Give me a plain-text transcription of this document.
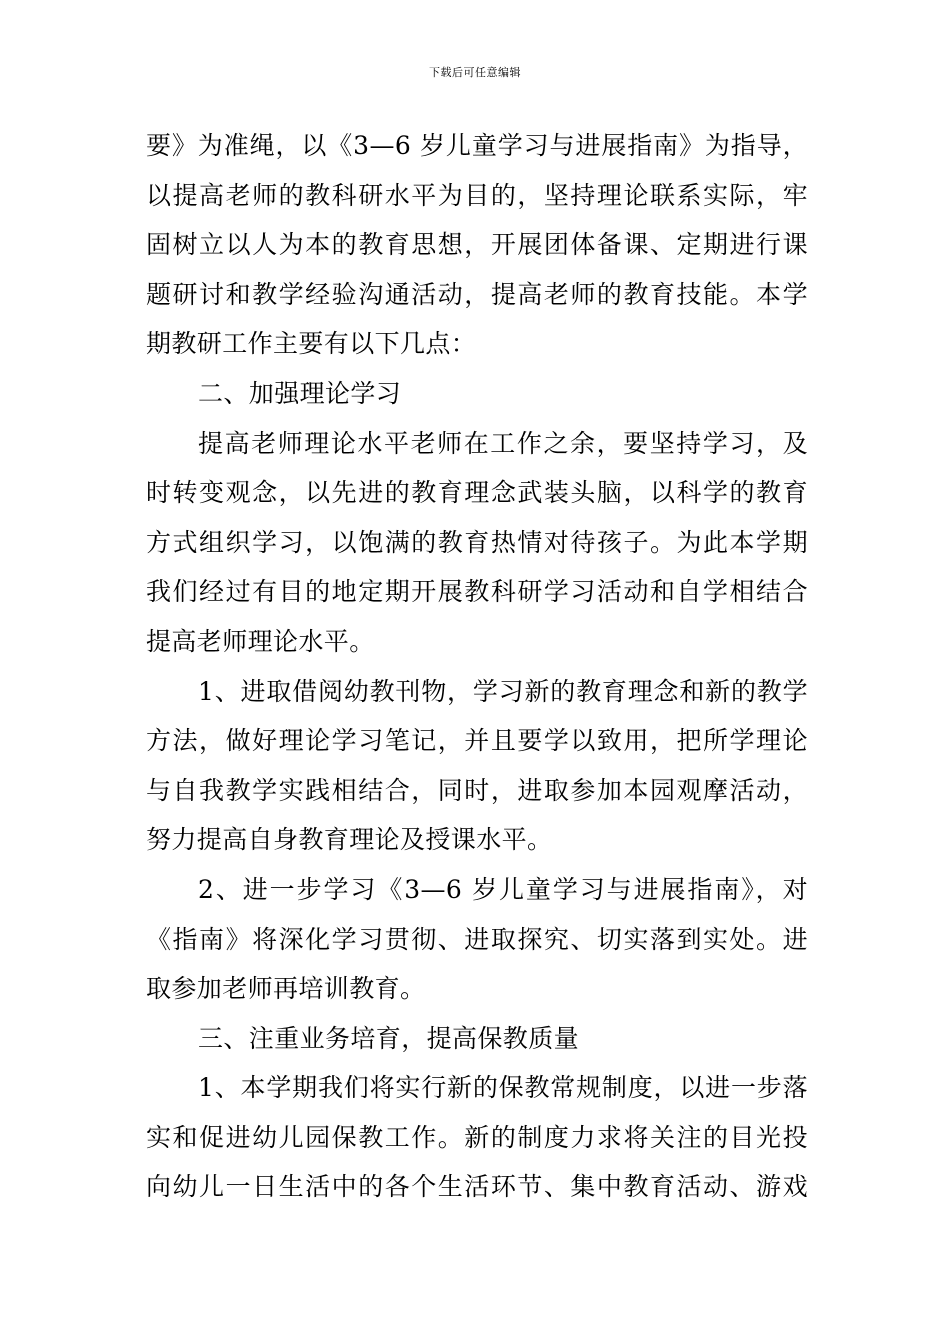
下载后可任意编辑
要》为准绳，以《3—6 岁儿童学习与进展指南》为指导，
以提高老师的教科研水平为目的，坚持理论联系实际，牢
固树立以人为本的教育思想，开展团体备课、定期进行课
题研讨和教学经验沟通活动，提高老师的教育技能。本学
期教研工作主要有以下几点：
二、加强理论学习
提高老师理论水平老师在工作之余，要坚持学习，及
时转变观念，以先进的教育理念武装头脑，以科学的教育
方式组织学习，以饱满的教育热情对待孩子。为此本学期
我们经过有目的地定期开展教科研学习活动和自学相结合
提高老师理论水平。
1、进取借阅幼教刊物，学习新的教育理念和新的教学
方法，做好理论学习笔记，并且要学以致用，把所学理论
与自我教学实践相结合，同时，进取参加本园观摩活动，
努力提高自身教育理论及授课水平。
2、进一步学习《3—6 岁儿童学习与进展指南》，对
《指南》将深化学习贯彻、进取探究、切实落到实处。进
取参加老师再培训教育。
三、注重业务培育，提高保教质量
1、本学期我们将实行新的保教常规制度，以进一步落
实和促进幼儿园保教工作。新的制度力求将关注的目光投
向幼儿一日生活中的各个生活环节、集中教育活动、游戏
